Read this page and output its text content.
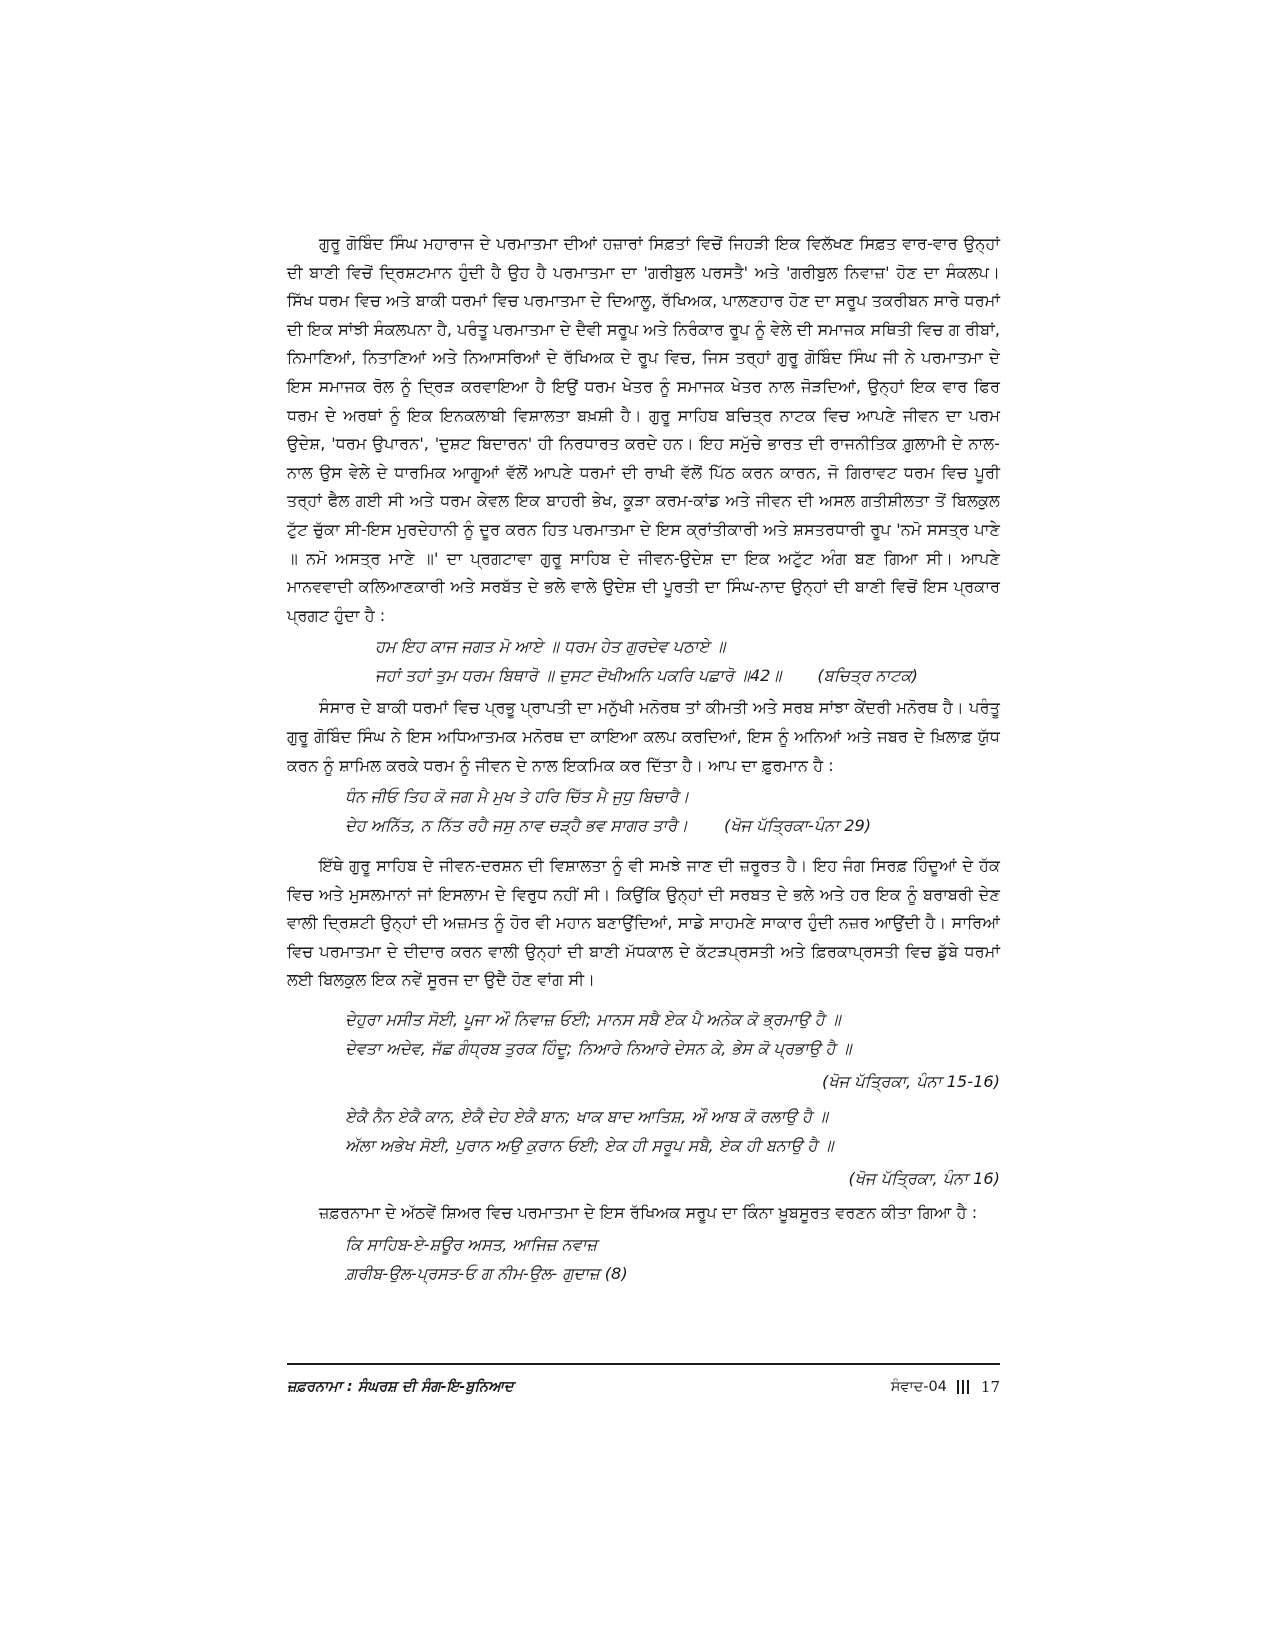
ਗੁਰੂ ਗੋਬਿੰਦ ਸਿੰਘ ਮਹਾਰਾਜ ਦੇ ਪਰਮਾਤਮਾ ਦੀਆਂ ਹਜ਼ਾਰਾਂ ਸਿਫ਼ਤਾਂ ਵਿਚੋਂ ਜਿਹੜੀ ਇਕ ਵਿਲੱਖਣ ਸਿਫ਼ਤ ਵਾਰ-ਵਾਰ ਉਨ੍ਹਾਂ ਦੀ ਬਾਣੀ ਵਿਚੋਂ ਦ੍ਰਿਸ਼ਟਮਾਨ ਹੁੰਦੀ ਹੈ ਉਹ ਹੈ ਪਰਮਾਤਮਾ ਦਾ 'ਗਰੀਬੁਲ ਪਰਸਤੈ' ਅਤੇ 'ਗਰੀਬੁਲ ਨਿਵਾਜ਼' ਹੋਣ ਦਾ ਸੰਕਲਪ। ਸਿੱਖ ਧਰਮ ਵਿਚ ਅਤੇ ਬਾਕੀ ਧਰਮਾਂ ਵਿਚ ਪਰਮਾਤਮਾ ਦੇ ਦਿਆਲੂ, ਰੱਖਿਅਕ, ਪਾਲਣਹਾਰ ਹੋਣ ਦਾ ਸਰੂਪ ਤਕਰੀਬਨ ਸਾਰੇ ਧਰਮਾਂ ਦੀ ਇਕ ਸਾਂਝੀ ਸੰਕਲਪਨਾ ਹੈ, ਪਰੰਤੂ ਪਰਮਾਤਮਾ ਦੇ ਦੈਵੀ ਸਰੂਪ ਅਤੇ ਨਿਰੰਕਾਰ ਰੂਪ ਨੂੰ ਵੇਲੇ ਦੀ ਸਮਾਜਕ ਸਥਿਤੀ ਵਿਚ ਗ ਰੀਬਾਂ, ਨਿਮਾਣਿਆਂ, ਨਿਤਾਣਿਆਂ ਅਤੇ ਨਿਆਸਰਿਆਂ ਦੇ ਰੱਖਿਅਕ ਦੇ ਰੂਪ ਵਿਚ, ਜਿਸ ਤਰ੍ਹਾਂ ਗੁਰੂ ਗੋਬਿੰਦ ਸਿੰਘ ਜੀ ਨੇ ਪਰਮਾਤਮਾ ਦੇ ਇਸ ਸਮਾਜਕ ਰੋਲ ਨੂੰ ਦ੍ਰਿੜ ਕਰਵਾਇਆ ਹੈ ਇਉਂ ਧਰਮ ਖੇਤਰ ਨੂੰ ਸਮਾਜਕ ਖੇਤਰ ਨਾਲ ਜੋੜਦਿਆਂ, ਉਨ੍ਹਾਂ ਇਕ ਵਾਰ ਫਿਰ ਧਰਮ ਦੇ ਅਰਥਾਂ ਨੂੰ ਇਕ ਇਨਕਲਾਬੀ ਵਿਸ਼ਾਲਤਾ ਬਖ਼ਸ਼ੀ ਹੈ। ਗੁਰੂ ਸਾਹਿਬ ਬਚਿਤ੍ਰ ਨਾਟਕ ਵਿਚ ਆਪਣੇ ਜੀਵਨ ਦਾ ਪਰਮ ਉਦੇਸ਼, 'ਧਰਮ ਉਪਾਰਨ', 'ਦੁਸ਼ਟ ਬਿਦਾਰਨ' ਹੀ ਨਿਰਧਾਰਤ ਕਰਦੇ ਹਨ। ਇਹ ਸਮੁੱਚੇ ਭਾਰਤ ਦੀ ਰਾਜਨੀਤਿਕ ਗ਼ੁਲਾਮੀ ਦੇ ਨਾਲ-ਨਾਲ ਉਸ ਵੇਲੇ ਦੇ ਧਾਰਮਿਕ ਆਗੂਆਂ ਵੱਲੋਂ ਆਪਣੇ ਧਰਮਾਂ ਦੀ ਰਾਖੀ ਵੱਲੋਂ ਪਿੱਠ ਕਰਨ ਕਾਰਨ, ਜੋ ਗਿਰਾਵਟ ਧਰਮ ਵਿਚ ਪੂਰੀ ਤਰ੍ਹਾਂ ਫੈਲ ਗਈ ਸੀ ਅਤੇ ਧਰਮ ਕੇਵਲ ਇਕ ਬਾਹਰੀ ਭੇਖ, ਕੂੜਾ ਕਰਮ-ਕਾਂਡ ਅਤੇ ਜੀਵਨ ਦੀ ਅਸਲ ਗਤੀਸ਼ੀਲਤਾ ਤੋਂ ਬਿਲਕੁਲ ਟੁੱਟ ਚੁੱਕਾ ਸੀ-ਇਸ ਮੁਰਦੇਹਾਨੀ ਨੂੰ ਦੂਰ ਕਰਨ ਹਿਤ ਪਰਮਾਤਮਾ ਦੇ ਇਸ ਕ੍ਰਾਂਤੀਕਾਰੀ ਅਤੇ ਸ਼ਸਤਰਧਾਰੀ ਰੂਪ 'ਨਮੋ ਸਸਤ੍ਰ ਪਾਣੇ ॥ ਨਮੋ ਅਸਤ੍ਰ ਮਾਣੇ ॥' ਦਾ ਪ੍ਰਗਟਾਵਾ ਗੁਰੂ ਸਾਹਿਬ ਦੇ ਜੀਵਨ-ਉਦੇਸ਼ ਦਾ ਇਕ ਅਟੁੱਟ ਅੰਗ ਬਣ ਗਿਆ ਸੀ। ਆਪਣੇ ਮਾਨਵਵਾਦੀ ਕਲਿਆਣਕਾਰੀ ਅਤੇ ਸਰਬੱਤ ਦੇ ਭਲੇ ਵਾਲੇ ਉਦੇਸ਼ ਦੀ ਪੂਰਤੀ ਦਾ ਸਿੰਘ-ਨਾਦ ਉਨ੍ਹਾਂ ਦੀ ਬਾਣੀ ਵਿਚੋਂ ਇਸ ਪ੍ਰਕਾਰ ਪ੍ਰਗਟ ਹੁੰਦਾ ਹੈ :

ਹਮ ਇਹ ਕਾਜ ਜਗਤ ਮੋ ਆਏ ॥ ਧਰਮ ਹੇਤ ਗੁਰਦੇਵ ਪਠਾਏ ॥

ਜਹਾਂ ਤਹਾਂ ਤੁਮ ਧਰਮ ਬਿਥਾਰੋ ॥ ਦੁਸਟ ਦੋਖੀਅਨਿ ਪਕਰਿ ਪਛਾਰੋ ॥42॥ (ਬਚਿਤ੍ਰ ਨਾਟਕ)

ਸੰਸਾਰ ਦੇ ਬਾਕੀ ਧਰਮਾਂ ਵਿਚ ਪ੍ਰਭੂ ਪ੍ਰਾਪਤੀ ਦਾ ਮਨੁੱਖੀ ਮਨੋਰਥ ਤਾਂ ਕੀਮਤੀ ਅਤੇ ਸਰਬ ਸਾਂਝਾ ਕੇਂਦਰੀ ਮਨੋਰਥ ਹੈ। ਪਰੰਤੂ ਗੁਰੂ ਗੋਬਿੰਦ ਸਿੰਘ ਨੇ ਇਸ ਅਧਿਆਤਮਕ ਮਨੋਰਥ ਦਾ ਕਾਇਆ ਕਲਪ ਕਰਦਿਆਂ, ਇਸ ਨੂੰ ਅਨਿਆਂ ਅਤੇ ਜਬਰ ਦੇ ਖ਼ਿਲਾਫ਼ ਯੁੱਧ ਕਰਨ ਨੂੰ ਸ਼ਾਮਿਲ ਕਰਕੇ ਧਰਮ ਨੂੰ ਜੀਵਨ ਦੇ ਨਾਲ ਇਕਮਿਕ ਕਰ ਦਿੱਤਾ ਹੈ। ਆਪ ਦਾ ਫ਼ੁਰਮਾਨ ਹੈ :

ਧੰਨ ਜੀਓ ਤਿਹ ਕੋ ਜਗ ਮੈ ਮੁਖ ਤੇ ਹਰਿ ਚਿੱਤ ਮੈ ਜੁਧੁ ਬਿਚਾਰੈ।

ਦੇਹ ਅਨਿੱਤ, ਨ ਨਿੱਤ ਰਹੈ ਜਸੁ ਨਾਵ ਚੜ੍ਹੈ ਭਵ ਸਾਗਰ ਤਾਰੈ। (ਖੋਜ ਪੱਤ੍ਰਿਕਾ-ਪੰਨਾ 29)

ਇੱਥੇ ਗੁਰੂ ਸਾਹਿਬ ਦੇ ਜੀਵਨ-ਦਰਸ਼ਨ ਦੀ ਵਿਸ਼ਾਲਤਾ ਨੂੰ ਵੀ ਸਮਝੇ ਜਾਣ ਦੀ ਜ਼ਰੂਰਤ ਹੈ। ਇਹ ਜੰਗ ਸਿਰਫ਼ ਹਿੰਦੂਆਂ ਦੇ ਹੱਕ ਵਿਚ ਅਤੇ ਮੁਸਲਮਾਨਾਂ ਜਾਂ ਇਸਲਾਮ ਦੇ ਵਿਰੁਧ ਨਹੀਂ ਸੀ। ਕਿਉਂਕਿ ਉਨ੍ਹਾਂ ਦੀ ਸਰਬਤ ਦੇ ਭਲੇ ਅਤੇ ਹਰ ਇਕ ਨੂੰ ਬਰਾਬਰੀ ਦੇਣ ਵਾਲੀ ਦ੍ਰਿਸ਼ਟੀ ਉਨ੍ਹਾਂ ਦੀ ਅਜ਼ਮਤ ਨੂੰ ਹੋਰ ਵੀ ਮਹਾਨ ਬਣਾਉਂਦਿਆਂ, ਸਾਡੇ ਸਾਹਮਣੇ ਸਾਕਾਰ ਹੁੰਦੀ ਨਜ਼ਰ ਆਉਂਦੀ ਹੈ। ਸਾਰਿਆਂ ਵਿਚ ਪਰਮਾਤਮਾ ਦੇ ਦੀਦਾਰ ਕਰਨ ਵਾਲੀ ਉਨ੍ਹਾਂ ਦੀ ਬਾਣੀ ਮੱਧਕਾਲ ਦੇ ਕੱਟੜਪ੍ਰਸਤੀ ਅਤੇ ਫ਼ਿਰਕਾਪ੍ਰਸਤੀ ਵਿਚ ਡੁੱਬੇ ਧਰਮਾਂ ਲਈ ਬਿਲਕੁਲ ਇਕ ਨਵੇਂ ਸੂਰਜ ਦਾ ਉਦੈ ਹੋਣ ਵਾਂਗ ਸੀ।

ਦੇਹੁਰਾ ਮਸੀਤ ਸੋਈ, ਪੂਜਾ ਔ ਨਿਵਾਜ਼ ਓਈ; ਮਾਨਸ ਸਬੈ ਏਕ ਪੈ ਅਨੇਕ ਕੋ ਭ੍ਰਮਾਉ ਹੈ ॥

ਦੇਵਤਾ ਅਦੇਵ, ਜੱਛ ਗੰਧ੍ਰਬ ਤੁਰਕ ਹਿੰਦੂ; ਨਿਆਰੇ ਨਿਆਰੇ ਦੇਸਨ ਕੇ, ਭੇਸ ਕੋ ਪ੍ਰਭਾਉ ਹੈ ॥

(ਖੋਜ ਪੱਤ੍ਰਿਕਾ, ਪੰਨਾ 15-16)

ਏਕੈ ਨੈਨ ਏਕੈ ਕਾਨ, ਏਕੈ ਦੇਹ ਏਕੈ ਬਾਨ; ਖਾਕ ਬਾਦ ਆਤਿਸ਼, ਔ ਆਬ ਕੋ ਰਲਾਉ ਹੈ ॥

ਅੱਲਾ ਅਭੇਖ ਸੋਈ, ਪੁਰਾਨ ਅਉ ਕੁਰਾਨ ਓਈ; ਏਕ ਹੀ ਸਰੂਪ ਸਬੈ, ਏਕ ਹੀ ਬਨਾਉ ਹੈ ॥

(ਖੋਜ ਪੱਤ੍ਰਿਕਾ, ਪੰਨਾ 16)

ਜ਼ਫ਼ਰਨਾਮਾ ਦੇ ਅੱਠਵੇਂ ਸ਼ਿਅਰ ਵਿਚ ਪਰਮਾਤਮਾ ਦੇ ਇਸ ਰੱਖਿਅਕ ਸਰੂਪ ਦਾ ਕਿੰਨਾ ਖ਼ੂਬਸੂਰਤ ਵਰਣਨ ਕੀਤਾ ਗਿਆ ਹੈ :

ਕਿ ਸਾਹਿਬ-ਏ-ਸ਼ਊਰ ਅਸਤ, ਆਜਿਜ਼ ਨਵਾਜ਼

ਗ਼ਰੀਬ-ਉਲ-ਪ੍ਰਸਤ-ਓ ਗ ਨੀਮ-ਉਲ- ਗੁਦਾਜ਼ (8)

ਜ਼ਫ਼ਰਨਾਮਾ : ਸੰਘਰਸ਼ ਦੀ ਸੰਗ-ਇ-ਬੁਨਿਆਦ	ਸੰਵਾਦ-04 17
